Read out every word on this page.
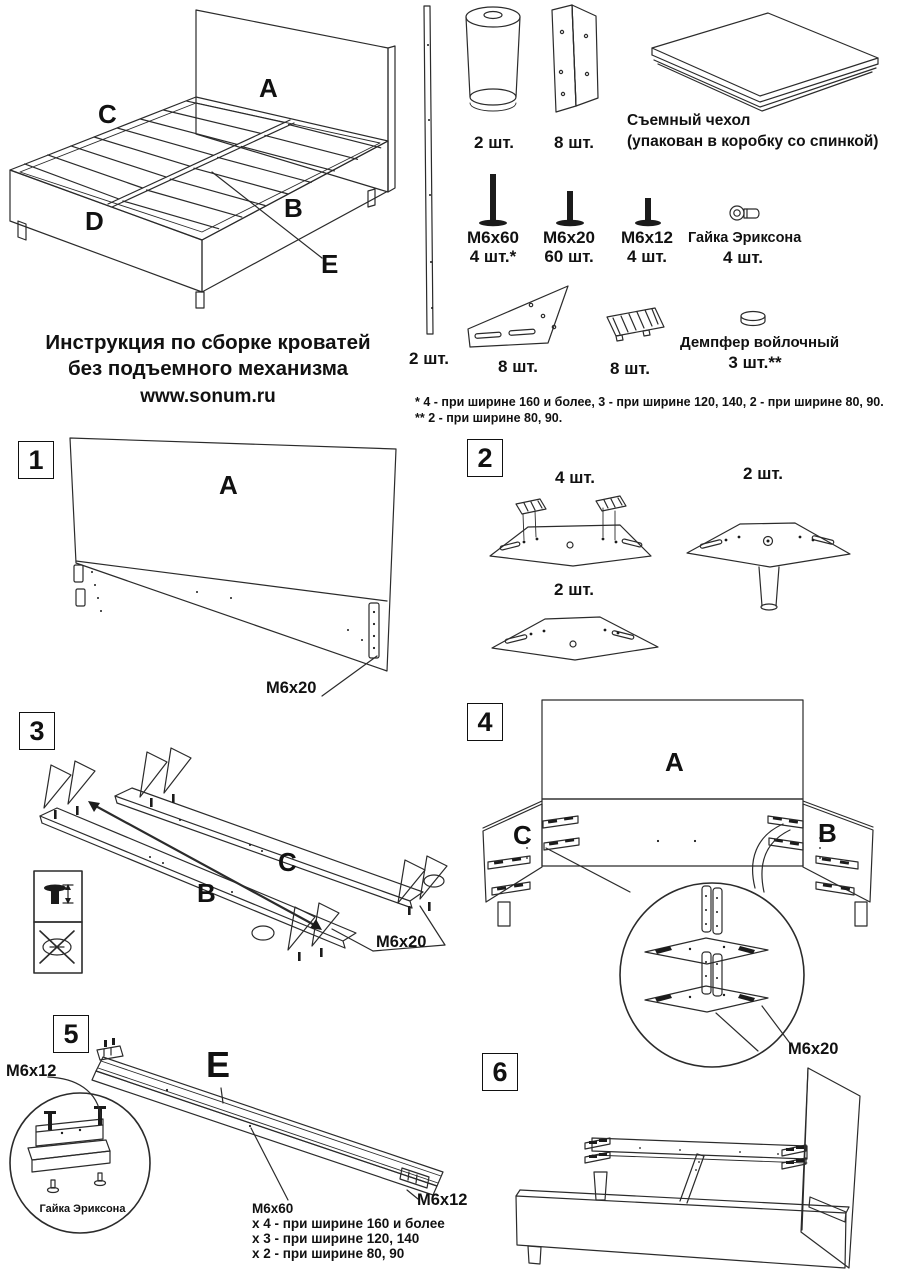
Инструкция по сборке кроватей
без подъемного механизма
www.sonum.ru
A
C
B
D
E
2 шт.
2 шт.	8 шт.
Съемный чехол
(упакован в коробку со спинкой)
M6x60
4 шт.*
M6x20
60 шт.
M6x12
4 шт.
Гайка Эриксона
4 шт.
8 шт.	8 шт.
Демпфер войлочный
3 шт.**
* 4 - при ширине 160 и более, 3 - при ширине 120, 140, 2 - при ширине 80, 90.
** 2 - при ширине 80, 90.
1	2
3	4
5
6
A
M6x20
4 шт.	2 шт.
2 шт.
B
C
M6x20
A
C	B
M6x20
M6x12	E
Гайка Эриксона	M6x12
M6x60
x 4 - при ширине 160 и более
x 3 - при ширине 120, 140
x 2 - при ширине 80, 90
